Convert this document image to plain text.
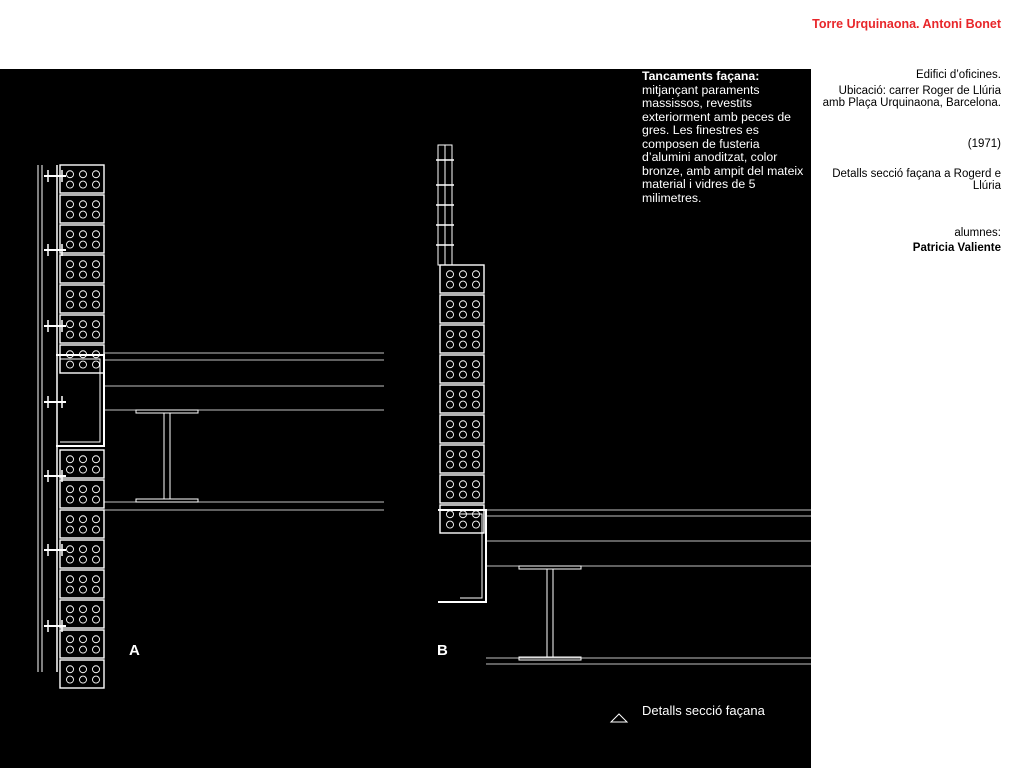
Tancaments façana: mitjançant paraments massissos, revestits exteriorment amb peces de gres. Les finestres es composen de fusteria d’alumini anoditzat, color bronze, amb ampit del mateix material i vidres de 5 milimetres.
A	B
Detalls secció façana
Torre Urquinaona. Antoni Bonet
Edifici d’oficines.
Ubicació: carrer Roger de Llúria amb Plaça Urquinaona, Barcelona.
(1971)
Detalls secció façana a Rogerd e Llúria
alumnes:
Patricia Valiente
